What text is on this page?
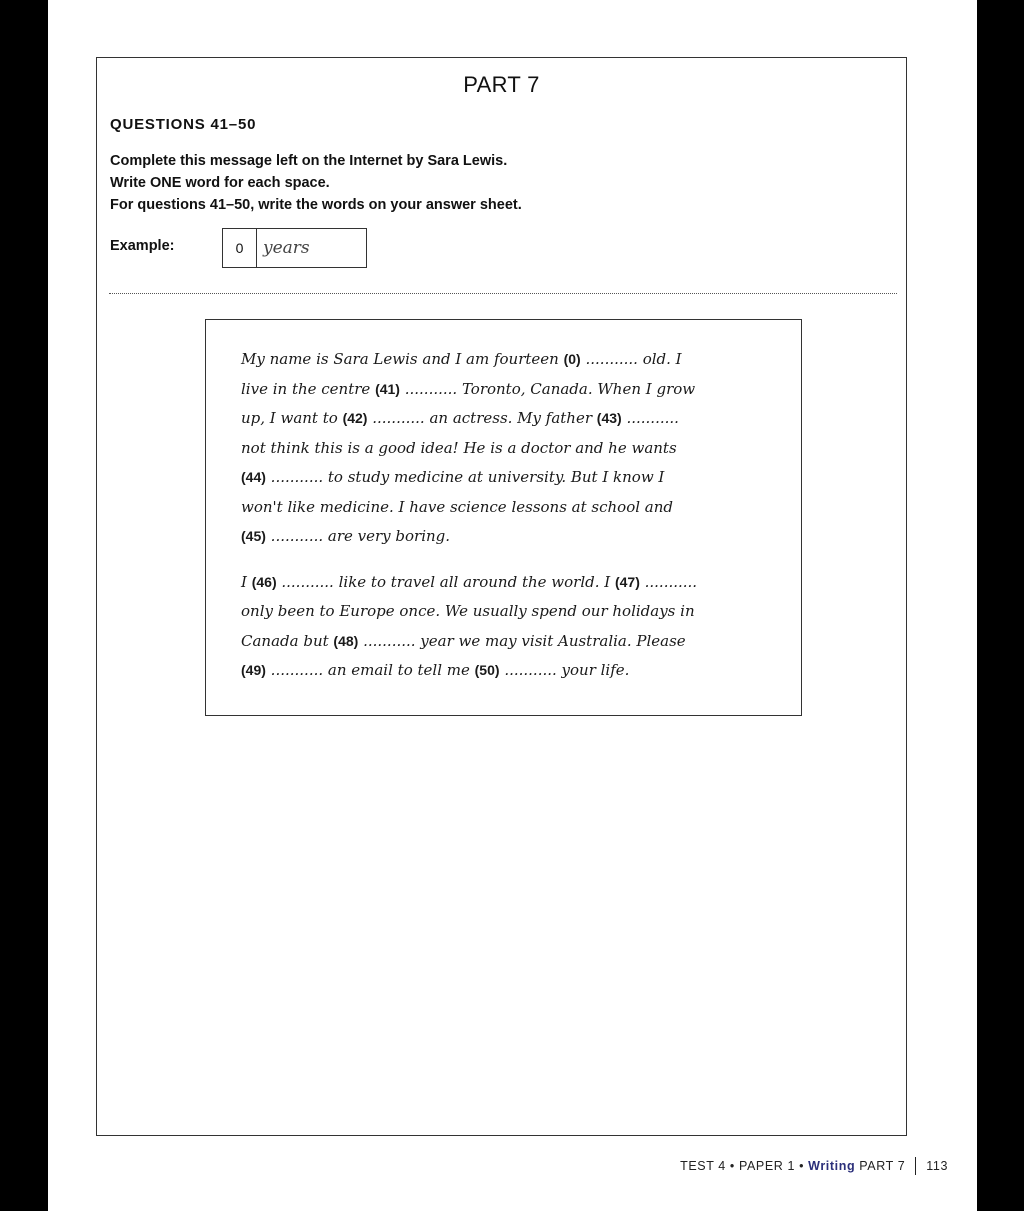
PART 7
QUESTIONS 41–50
Complete this message left on the Internet by Sara Lewis.
Write ONE word for each space.
For questions 41–50, write the words on your answer sheet.
Example:	0	years
My name is Sara Lewis and I am fourteen (0) ........... old. I
live in the centre (41) ........... Toronto, Canada. When I grow
up, I want to (42) ........... an actress. My father (43) ...........
not think this is a good idea! He is a doctor and he wants
(44) ........... to study medicine at university. But I know I
won't like medicine. I have science lessons at school and
(45) ........... are very boring.
I (46) ........... like to travel all around the world. I (47) ...........
only been to Europe once. We usually spend our holidays in
Canada but (48) ........... year we may visit Australia. Please
(49) ........... an email to tell me (50) ........... your life.
TEST 4 • PAPER 1 • Writing
PART 7 113
